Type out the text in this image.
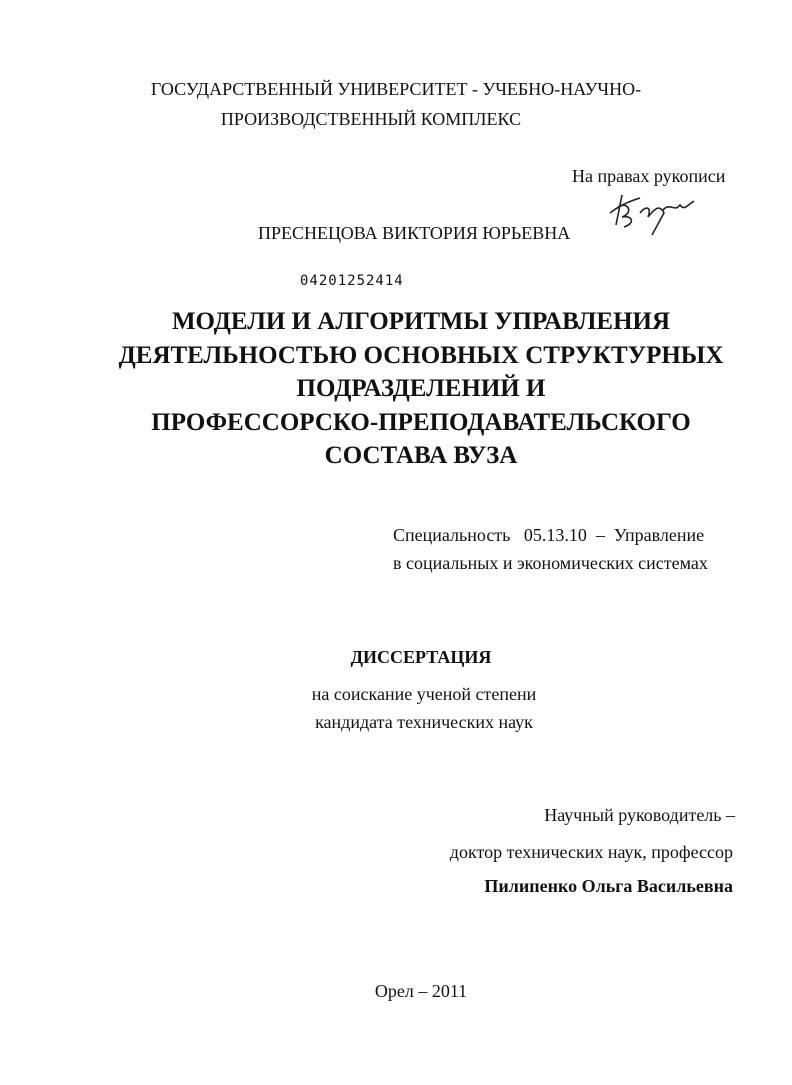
ГОСУДАРСТВЕННЫЙ УНИВЕРСИТЕТ - УЧЕБНО-НАУЧНО-
ПРОИЗВОДСТВЕННЫЙ КОМПЛЕКС
На правах рукописи
ПРЕСНЕЦОВА ВИКТОРИЯ ЮРЬЕВНА
04201252414
МОДЕЛИ И АЛГОРИТМЫ УПРАВЛЕНИЯ
ДЕЯТЕЛЬНОСТЬЮ ОСНОВНЫХ СТРУКТУРНЫХ
ПОДРАЗДЕЛЕНИЙ И
ПРОФЕССОРСКО-ПРЕПОДАВАТЕЛЬСКОГО
СОСТАВА ВУЗА
Специальность   05.13.10  –  Управление
в социальных и экономических системах
ДИССЕРТАЦИЯ
на соискание ученой степени
кандидата технических наук
Научный руководитель –
доктор технических наук, профессор
Пилипенко Ольга Васильевна
Орел – 2011
